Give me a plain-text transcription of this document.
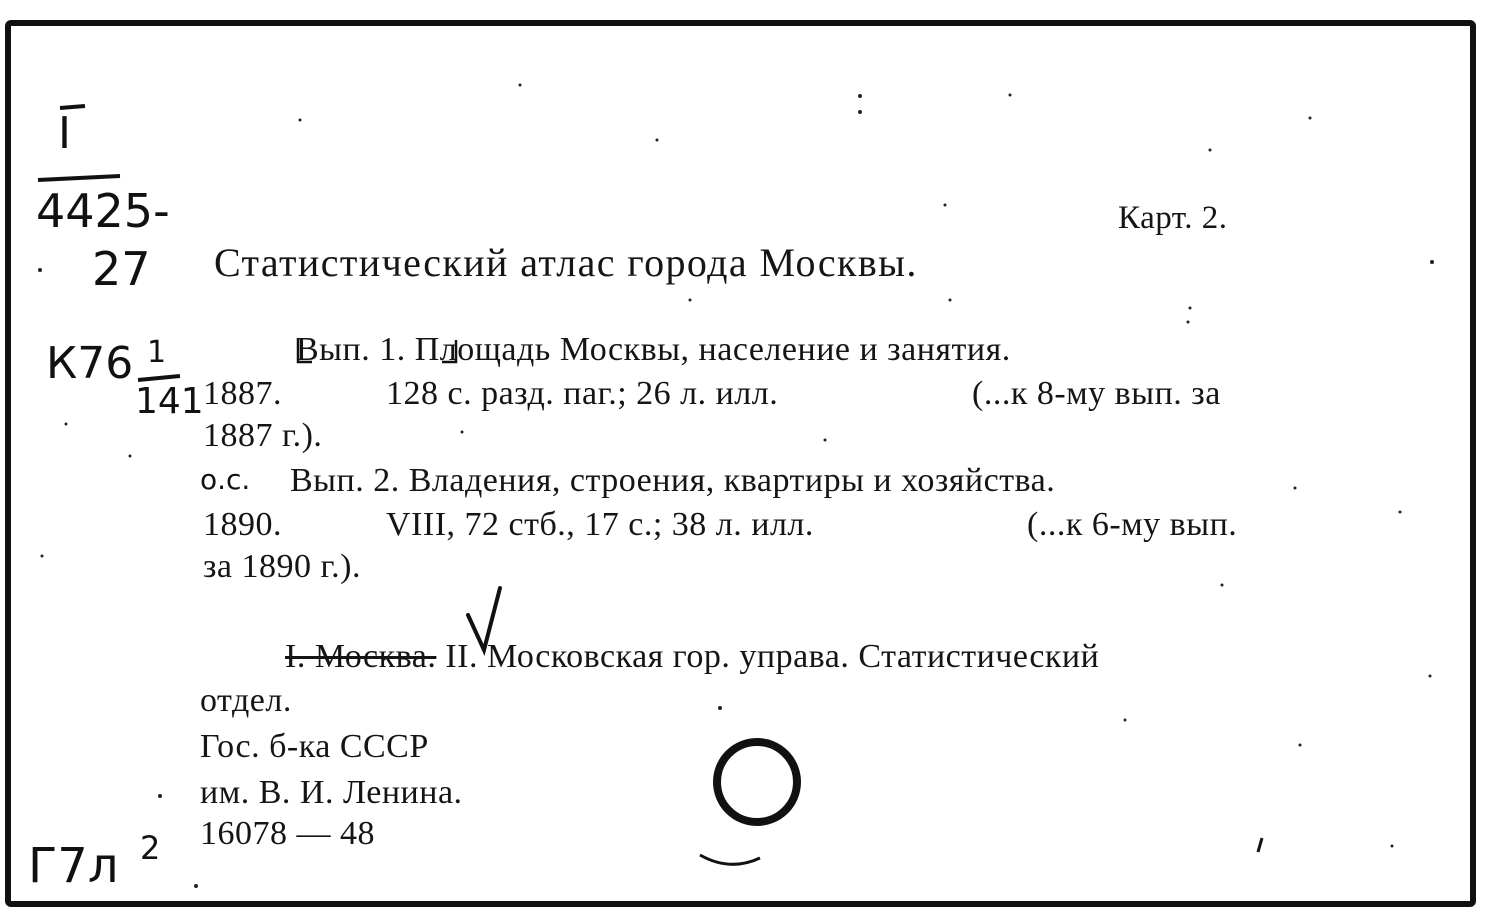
Карт. 2.
Статистический атлас города Москвы.
Вып. 1. Площадь Москвы, население и занятия.
1887.	128 с. разд. паг.; 26 л. илл.	(...к 8-му вып. за
1887 г.).
о.с. Вып. 2. Владения, строения, квартиры и хозяйства.
1890.	VIII, 72 стб., 17 с.; 38 л. илл.	(...к 6-му вып.
за 1890 г.).
I. Москва. II. Московская гор. управа. Статистический
отдел.
Гос. б-ка СССР
им. В. И. Ленина.
16078 — 48
I
4425-
27
К76 1
141
Г7л 2
